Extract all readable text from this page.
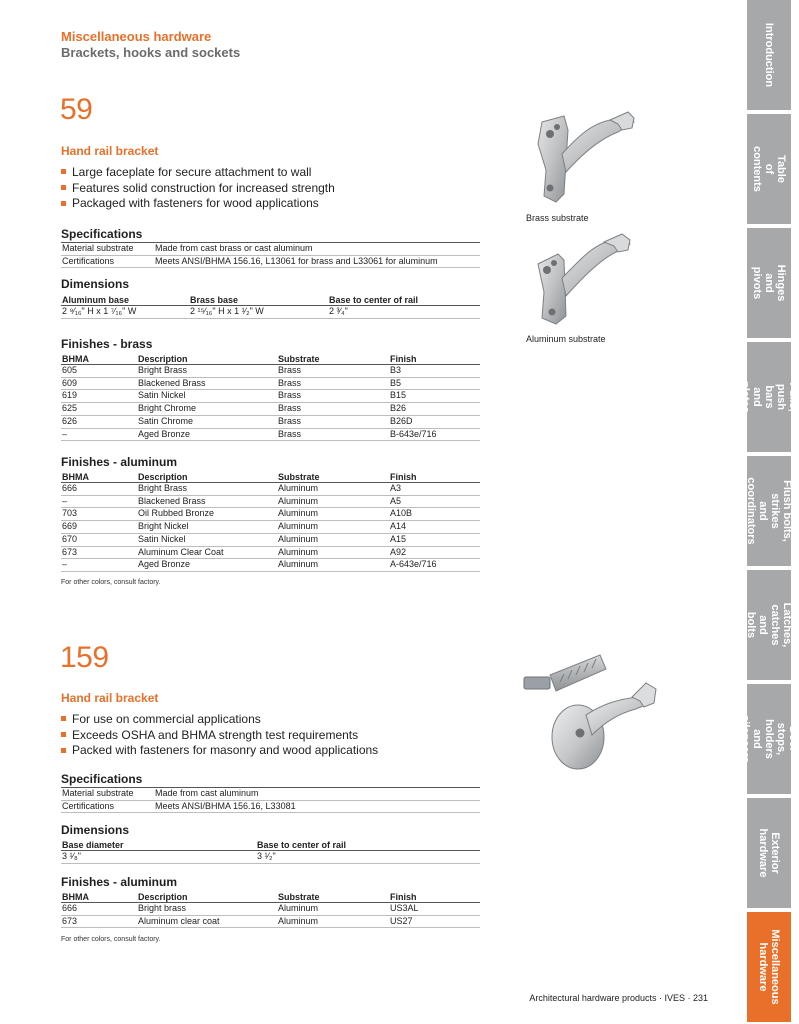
Miscellaneous hardware
Brackets, hooks and sockets
59
Hand rail bracket
Large faceplate for secure attachment to wall
Features solid construction for increased strength
Packaged with fasteners for wood applications
Specifications
Material substrate	Made from cast brass or cast aluminum
Certifications	Meets ANSI/BHMA 156.16, L13061 for brass and L33061 for aluminum
Dimensions
Aluminum base	Brass base	Base to center of rail
2 ⁹⁄₁₆" H x 1 ⁷⁄₁₆" W	2 ¹⁵⁄₁₆" H x 1 ¹⁄₂" W	2 ³⁄₄"
Finishes - brass
BHMA	Description	Substrate	Finish
605	Bright Brass	Brass	B3
609	Blackened Brass	Brass	B5
619	Satin Nickel	Brass	B15
625	Bright Chrome	Brass	B26
626	Satin Chrome	Brass	B26D
–	Aged Bronze	Brass	B-643e/716
Finishes - aluminum
BHMA	Description	Substrate	Finish
666	Bright Brass	Aluminum	A3
–	Blackened Brass	Aluminum	A5
703	Oil Rubbed Bronze	Aluminum	A10B
669	Bright Nickel	Aluminum	A14
670	Satin Nickel	Aluminum	A15
673	Aluminum Clear Coat	Aluminum	A92
–	Aged Bronze	Aluminum	A-643e/716
For other colors, consult factory.
Brass substrate
Aluminum substrate
159
Hand rail bracket
For use on commercial applications
Exceeds OSHA and BHMA strength test requirements
Packed with fasteners for masonry and wood applications
Specifications
Material substrate	Made from cast aluminum
Certifications	Meets ANSI/BHMA 156.16, L33081
Dimensions
Base diameter	Base to center of rail
3 ¹⁄₈"	3 ¹⁄₂"
Finishes - aluminum
BHMA	Description	Substrate	Finish
666	Bright brass	Aluminum	US3AL
673	Aluminum clear coat	Aluminum	US27
For other colors, consult factory.
Introduction
Table
of contents
Hinges
and pivots
Pulls, push bars
and plates
Flush bolts, strikes
and coordinators
Latches, catches
and bolts
Door stops, holders
and silencers
Exterior
hardware
Miscellaneous
hardware
Architectural hardware products · IVES · 231
